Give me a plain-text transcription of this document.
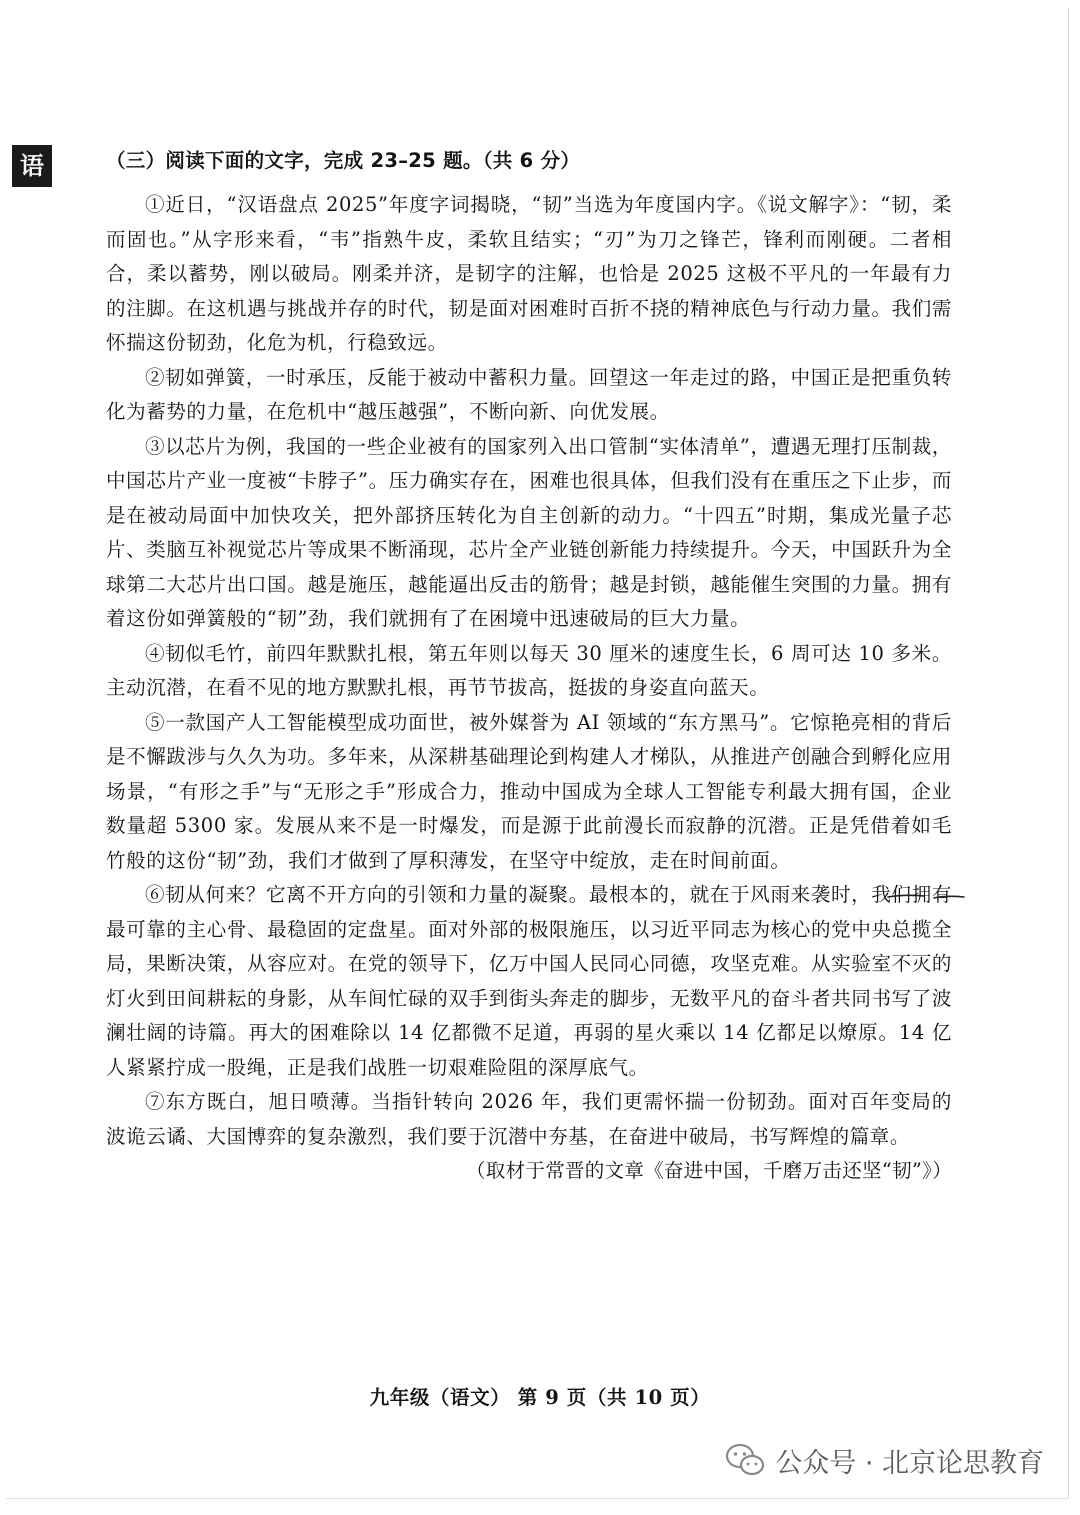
语	（三）阅读下面的文字，完成 23–25 题。（共 6 分）

①近日，“汉语盘点 2025”年度字词揭晓，“韧”当选为年度国内字。《说文解字》：“韧，柔而固也。”从字形来看，“韦”指熟牛皮，柔软且结实；“刃”为刀之锋芒，锋利而刚硬。二者相合，柔以蓄势，刚以破局。刚柔并济，是韧字的注解，也恰是 2025 这极不平凡的一年最有力的注脚。在这机遇与挑战并存的时代，韧是面对困难时百折不挠的精神底色与行动力量。我们需怀揣这份韧劲，化危为机，行稳致远。

②韧如弹簧，一时承压，反能于被动中蓄积力量。回望这一年走过的路，中国正是把重负转化为蓄势的力量，在危机中“越压越强”，不断向新、向优发展。

③以芯片为例，我国的一些企业被有的国家列入出口管制“实体清单”，遭遇无理打压制裁，中国芯片产业一度被“卡脖子”。压力确实存在，困难也很具体，但我们没有在重压之下止步，而是在被动局面中加快攻关，把外部挤压转化为自主创新的动力。“十四五”时期，集成光量子芯片、类脑互补视觉芯片等成果不断涌现，芯片全产业链创新能力持续提升。今天，中国跃升为全球第二大芯片出口国。越是施压，越能逼出反击的筋骨；越是封锁，越能催生突围的力量。拥有着这份如弹簧般的“韧”劲，我们就拥有了在困境中迅速破局的巨大力量。

④韧似毛竹，前四年默默扎根，第五年则以每天 30 厘米的速度生长，6 周可达 10 多米。主动沉潜，在看不见的地方默默扎根，再节节拔高，挺拔的身姿直向蓝天。

⑤一款国产人工智能模型成功面世，被外媒誉为 AI 领域的“东方黑马”。它惊艳亮相的背后是不懈跋涉与久久为功。多年来，从深耕基础理论到构建人才梯队，从推进产创融合到孵化应用场景，“有形之手”与“无形之手”形成合力，推动中国成为全球人工智能专利最大拥有国，企业数量超 5300 家。发展从来不是一时爆发，而是源于此前漫长而寂静的沉潜。正是凭借着如毛竹般的这份“韧”劲，我们才做到了厚积薄发，在坚守中绽放，走在时间前面。

⑥韧从何来？它离不开方向的引领和力量的凝聚。最根本的，就在于风雨来袭时，我们拥有最可靠的主心骨、最稳固的定盘星。面对外部的极限施压，以习近平同志为核心的党中央总揽全局，果断决策，从容应对。在党的领导下，亿万中国人民同心同德，攻坚克难。从实验室不灭的灯火到田间耕耘的身影，从车间忙碌的双手到街头奔走的脚步，无数平凡的奋斗者共同书写了波澜壮阔的诗篇。再大的困难除以 14 亿都微不足道，再弱的星火乘以 14 亿都足以燎原。14 亿人紧紧拧成一股绳，正是我们战胜一切艰难险阻的深厚底气。

⑦东方既白，旭日喷薄。当指针转向 2026 年，我们更需怀揣一份韧劲。面对百年变局的波诡云谲、大国博弈的复杂激烈，我们要于沉潜中夯基，在奋进中破局，书写辉煌的篇章。

（取材于常晋的文章《奋进中国，千磨万击还坚“韧”》）

九年级（语文） 第 9 页（共 10 页）
公众号 · 北京论思教育
